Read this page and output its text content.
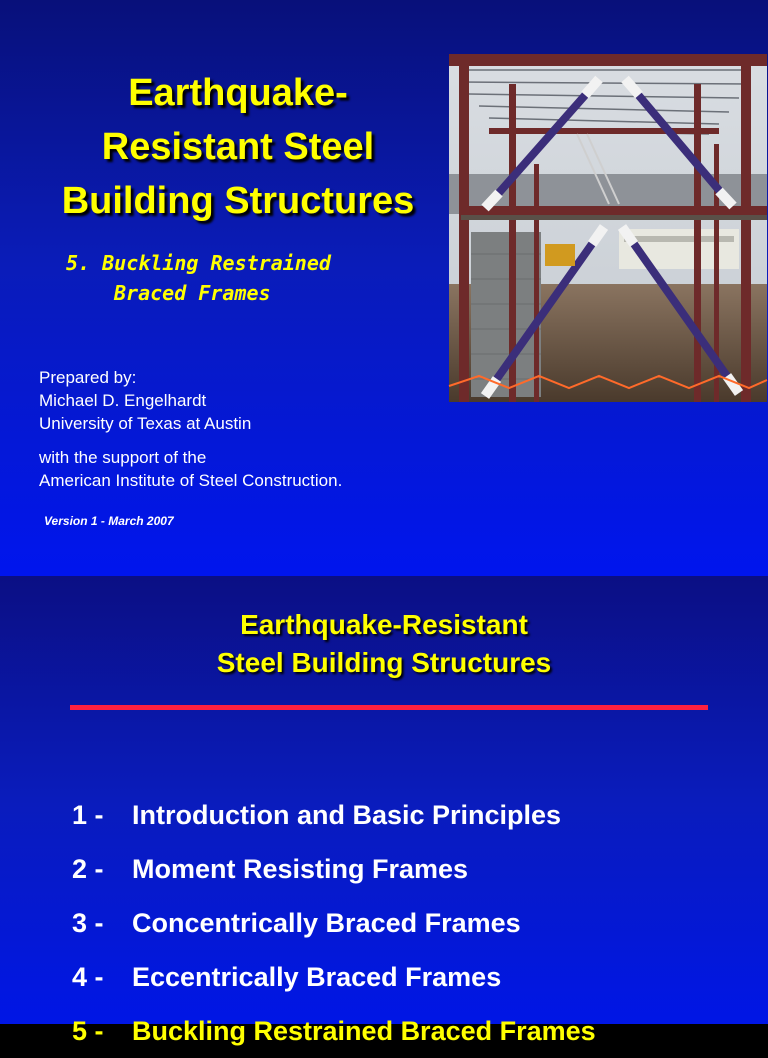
Earthquake-
Resistant Steel
Building Structures
5. Buckling Restrained
Braced Frames
Prepared by:
Michael D. Engelhardt
University of Texas at Austin
with the support of the
American Institute of Steel Construction.
Version 1 - March 2007
Earthquake-Resistant
Steel Building Structures
1 - Introduction and Basic Principles
2 - Moment Resisting Frames
3 - Concentrically Braced Frames
4 - Eccentrically Braced Frames
5 - Buckling Restrained Braced Frames
